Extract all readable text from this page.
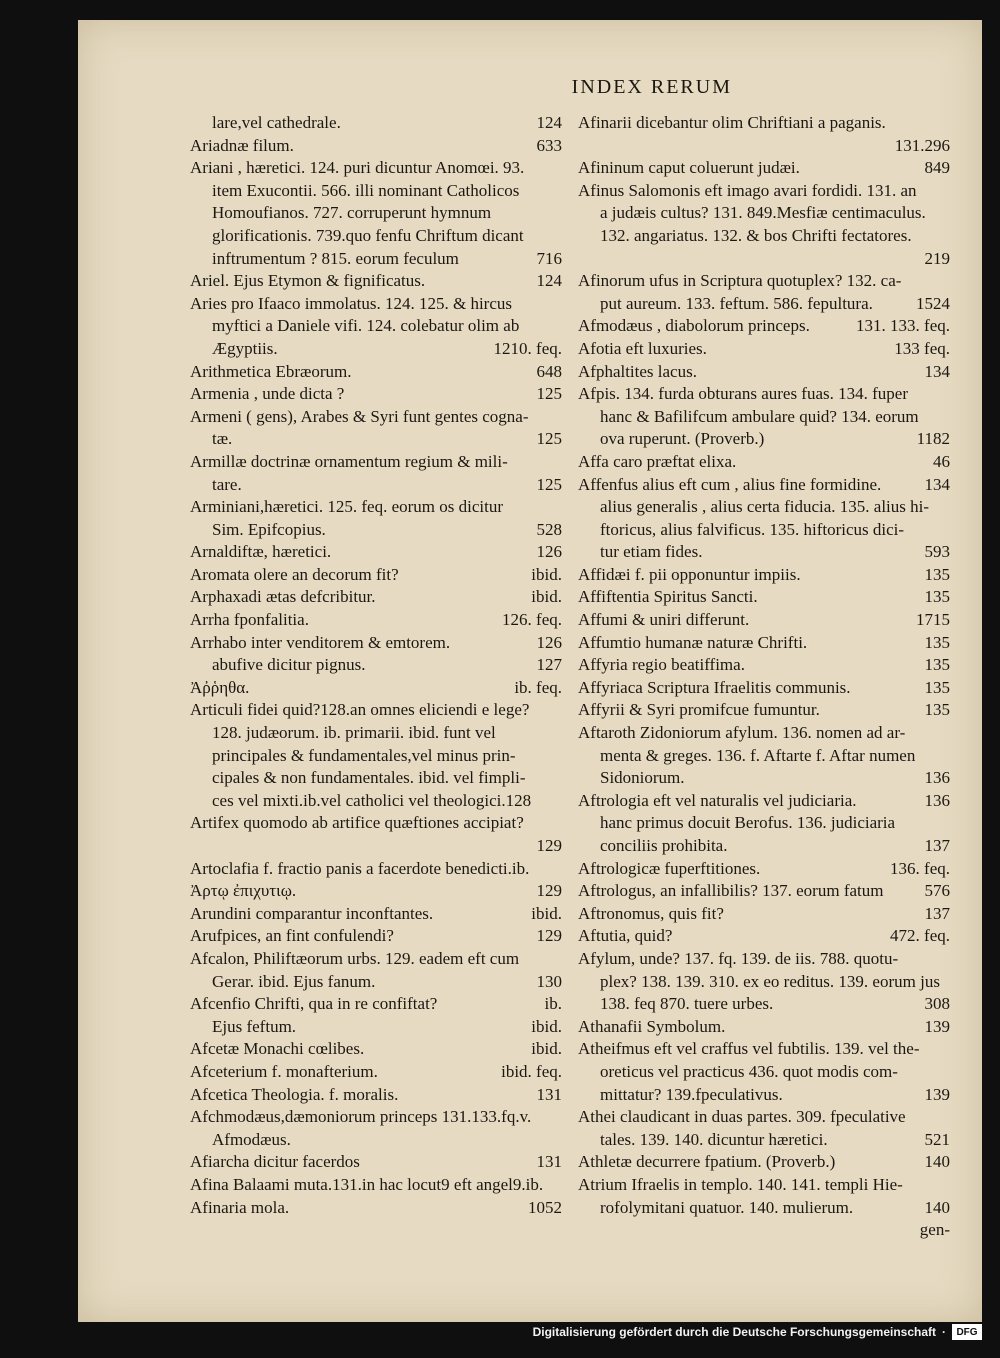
INDEX RERUM
lare,vel cathedrale.	124
Ariadnæ filum.	633
Ariani , hæretici. 124. puri dicuntur Anomœi. 93.
item Exucontii. 566. illi nominant Catholicos
Homoufianos. 727. corruperunt hymnum
glorificationis. 739.quo fenfu Chriftum dicant
inftrumentum ? 815. eorum feculum	716
Ariel. Ejus Etymon & fignificatus.	124
Aries pro Ifaaco immolatus. 124. 125. & hircus
myftici a Daniele vifi. 124. colebatur olim ab
Ægyptiis.	1210. feq.
Arithmetica Ebræorum.	648
Armenia , unde dicta ?	125
Armeni ( gens), Arabes & Syri funt gentes cogna-
tæ.	125
Armillæ doctrinæ ornamentum regium & mili-
tare.	125
Arminiani,hæretici. 125. feq. eorum os dicitur
Sim. Epifcopius.	528
Arnaldiftæ, hæretici.	126
Aromata olere an decorum fit?	ibid.
Arphaxadi ætas defcribitur.	ibid.
Arrha fponfalitia.	126. feq.
Arrhabo inter venditorem & emtorem.	126
abufive dicitur pignus.	127
Ἀῤῥηθα.	ib. feq.
Articuli fidei quid?128.an omnes eliciendi e lege?
128. judæorum. ib. primarii. ibid. funt vel
principales & fundamentales,vel minus prin-
cipales & non fundamentales. ibid. vel fimpli-
ces vel mixti.ib.vel catholici vel theologici.128
Artifex quomodo ab artifice quæftiones accipiat?
129
Artoclafia f. fractio panis a facerdote benedicti.ib.
Ἀρτῳ ἐπιχυτιῳ.	129
Arundini comparantur inconftantes.	ibid.
Arufpices, an fint confulendi?	129
Afcalon, Philiftæorum urbs. 129. eadem eft cum
Gerar. ibid. Ejus fanum.	130
Afcenfio Chrifti, qua in re confiftat?	ib.
Ejus feftum.	ibid.
Afcetæ Monachi cœlibes.	ibid.
Afceterium f. monafterium.	ibid. feq.
Afcetica Theologia. f. moralis.	131
Afchmodæus,dæmoniorum princeps 131.133.fq.v.
Afmodæus.
Afiarcha dicitur facerdos	131
Afina Balaami muta.131.in hac locut9 eft angel9.ib.
Afinaria mola.	1052
Afinarii dicebantur olim Chriftiani a paganis.
131.296
Afininum caput coluerunt judæi.	849
Afinus Salomonis eft imago avari fordidi. 131. an
a judæis cultus? 131. 849.Mesfiæ centimaculus.
132. angariatus. 132. & bos Chrifti fectatores.
219
Afinorum ufus in Scriptura quotuplex? 132. ca-
put aureum. 133. feftum. 586. fepultura.	1524
Afmodæus , diabolorum princeps.	131. 133. feq.
Afotia eft luxuries.	133 feq.
Afphaltites lacus.	134
Afpis. 134. furda obturans aures fuas. 134. fuper
hanc & Bafilifcum ambulare quid? 134. eorum
ova ruperunt. (Proverb.)	1182
Affa caro præftat elixa.	46
Affenfus alius eft cum , alius fine formidine.	134
alius generalis , alius certa fiducia. 135. alius hi-
ftoricus, alius falvificus. 135. hiftoricus dici-
tur etiam fides.	593
Affidæi f. pii opponuntur impiis.	135
Affiftentia Spiritus Sancti.	135
Affumi & uniri differunt.	1715
Affumtio humanæ naturæ Chrifti.	135
Affyria regio beatiffima.	135
Affyriaca Scriptura Ifraelitis communis.	135
Affyrii & Syri promifcue fumuntur.	135
Aftaroth Zidoniorum afylum. 136. nomen ad ar-
menta & greges. 136. f. Aftarte f. Aftar numen
Sidoniorum.	136
Aftrologia eft vel naturalis vel judiciaria.	136
hanc primus docuit Berofus. 136. judiciaria
conciliis prohibita.	137
Aftrologicæ fuperftitiones.	136. feq.
Aftrologus, an infallibilis? 137. eorum fatum 576
Aftronomus, quis fit?	137
Aftutia, quid?	472. feq.
Afylum, unde? 137. fq. 139. de iis. 788. quotu-
plex? 138. 139. 310. ex eo reditus. 139. eorum jus
138. feq 870. tuere urbes.	308
Athanafii Symbolum.	139
Atheifmus eft vel craffus vel fubtilis. 139. vel the-
oreticus vel practicus 436. quot modis com-
mittatur? 139.fpeculativus.	139
Athei claudicant in duas partes. 309. fpeculative
tales. 139. 140. dicuntur hæretici.	521
Athletæ decurrere fpatium. (Proverb.)	140
Atrium Ifraelis in templo. 140. 141. templi Hie-
rofolymitani quatuor. 140. mulierum.	140
gen-
Digitalisierung gefördert durch die Deutsche Forschungsgemeinschaft ·	DFG
